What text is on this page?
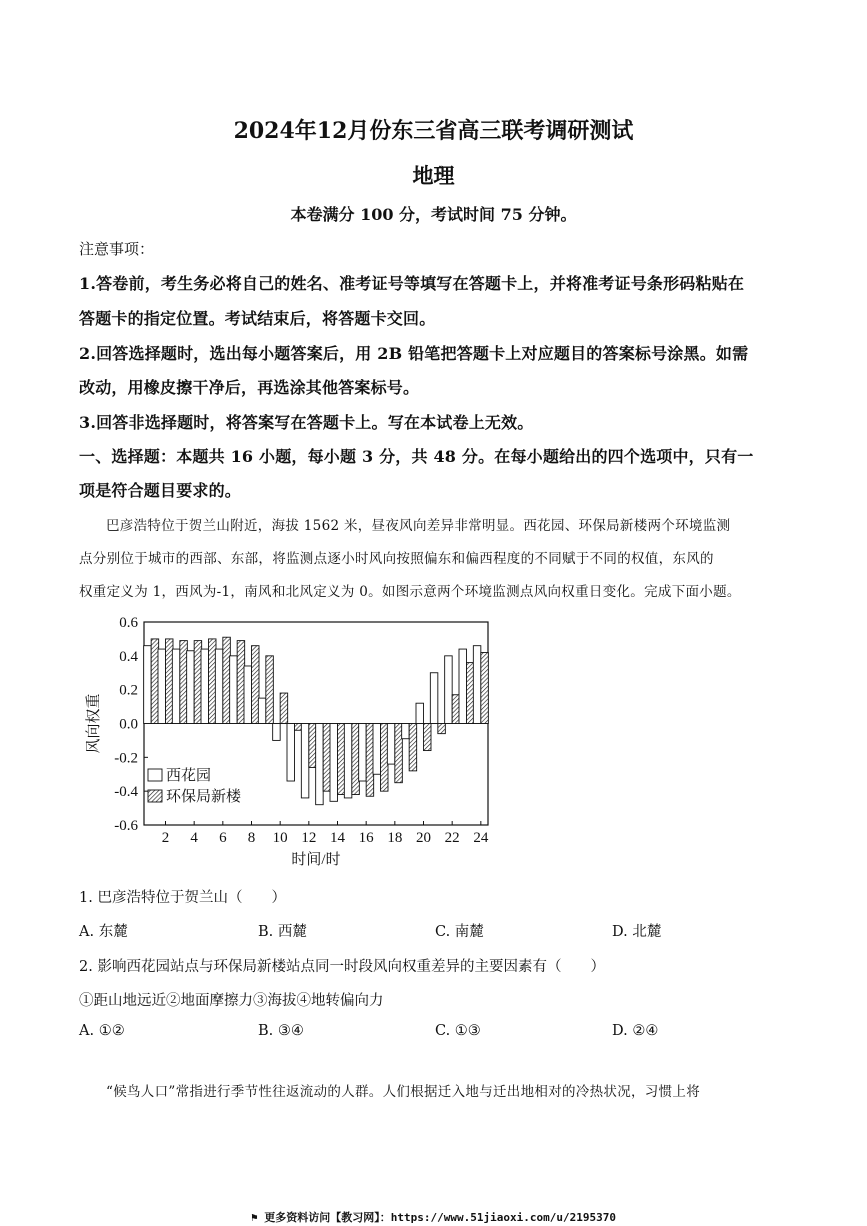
2024年12月份东三省高三联考调研测试
地理
本卷满分 100 分，考试时间 75 分钟。
注意事项：
1.答卷前，考生务必将自己的姓名、准考证号等填写在答题卡上，并将准考证号条形码粘贴在
答题卡的指定位置。考试结束后，将答题卡交回。
2.回答选择题时，选出每小题答案后，用 2B 铅笔把答题卡上对应题目的答案标号涂黑。如需
改动，用橡皮擦干净后，再选涂其他答案标号。
3.回答非选择题时，将答案写在答题卡上。写在本试卷上无效。
一、选择题：本题共 16 小题，每小题 3 分，共 48 分。在每小题给出的四个选项中，只有一
项是符合题目要求的。
巴彦浩特位于贺兰山附近，海拔 1562 米，昼夜风向差异非常明显。西花园、环保局新楼两个环境监测
点分别位于城市的西部、东部，将监测点逐小时风向按照偏东和偏西程度的不同赋于不同的权值，东风的
权重定义为 1，西风为-1，南风和北风定义为 0。如图示意两个环境监测点风向权重日变化。完成下面小题。
0.6
0.4
0.2
0.0
-0.2
-0.4
-0.6
2 4 6 8 10 12 14 16 18 20 22 24
时间/时
风向权重
西花园
环保局新楼
1. 巴彦浩特位于贺兰山（　　）
A. 东麓	B. 西麓	C. 南麓	D. 北麓
2. 影响西花园站点与环保局新楼站点同一时段风向权重差异的主要因素有（　　）
①距山地远近②地面摩擦力③海拔④地转偏向力
A. ①②	B. ③④	C. ①③	D. ②④
“候鸟人口”常指进行季节性往返流动的人群。人们根据迁入地与迁出地相对的冷热状况，习惯上将
⚑ 更多资料访问【教习网】：https://www.51jiaoxi.com/u/2195370
